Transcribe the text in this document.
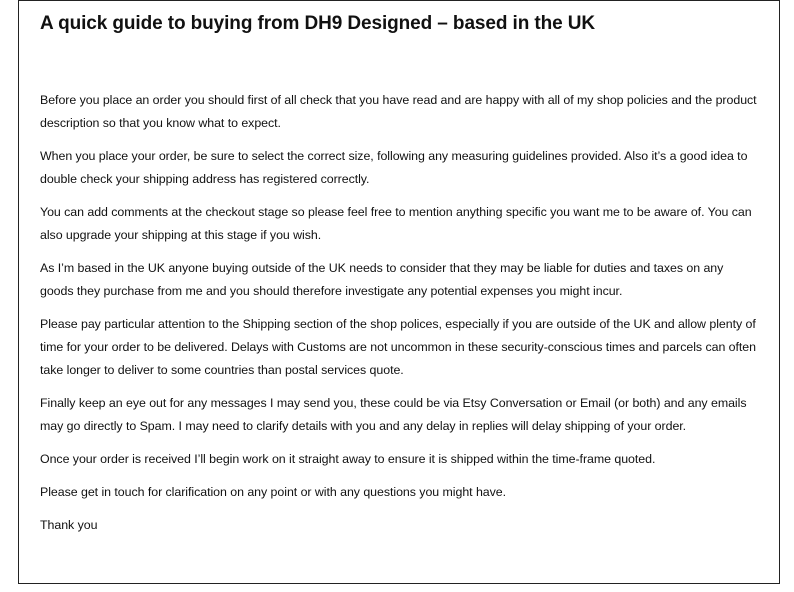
A quick guide to buying from DH9 Designed – based in the UK

Before you place an order you should first of all check that you have read and are happy with all of my shop policies and the product description so that you know what to expect.

When you place your order, be sure to select the correct size, following any measuring guidelines provided. Also it’s a good idea to double check your shipping address has registered correctly.

You can add comments at the checkout stage so please feel free to mention anything specific you want me to be aware of. You can also upgrade your shipping at this stage if you wish.

As I’m based in the UK anyone buying outside of the UK needs to consider that they may be liable for duties and taxes on any goods they purchase from me and you should therefore investigate any potential expenses you might incur.

Please pay particular attention to the Shipping section of the shop polices, especially if you are outside of the UK and allow plenty of time for your order to be delivered. Delays with Customs are not uncommon in these security-conscious times and parcels can often take longer to deliver to some countries than postal services quote.

Finally keep an eye out for any messages I may send you, these could be via Etsy Conversation or Email (or both) and any emails may go directly to Spam. I may need to clarify details with you and any delay in replies will delay shipping of your order.

Once your order is received I’ll begin work on it straight away to ensure it is shipped within the time-frame quoted.

Please get in touch for clarification on any point or with any questions you might have.

Thank you
